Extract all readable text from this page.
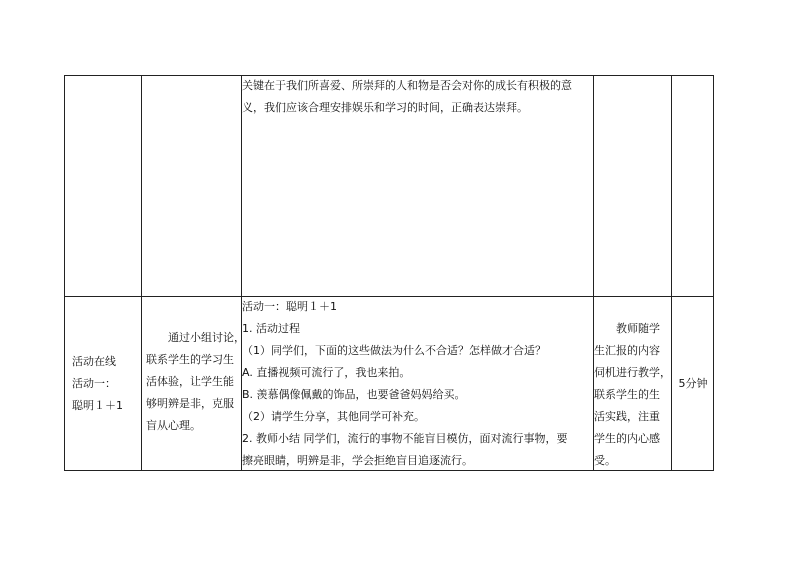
关键在于我们所喜爱、所崇拜的人和物是否会对你的成长有积极的意

义，我们应该合理安排娱乐和学习的时间，正确表达崇拜。

活动在线

活动一：

聪明１＋1

通过小组讨论，

联系学生的学习生

活体验，让学生能

够明辨是非，克服

盲从心理。

活动一：聪明１＋1

1. 活动过程

（1）同学们，下面的这些做法为什么不合适？怎样做才合适？

A. 直播视频可流行了，我也来拍。

B. 羡慕偶像佩戴的饰品，也要爸爸妈妈给买。

（2）请学生分享，其他同学可补充。

2. 教师小结 同学们，流行的事物不能盲目模仿，面对流行事物，要

擦亮眼睛，明辨是非，学会拒绝盲目追逐流行。

教师随学

生汇报的内容

伺机进行教学，

联系学生的生

活实践，注重

学生的内心感

受。

5分钟
